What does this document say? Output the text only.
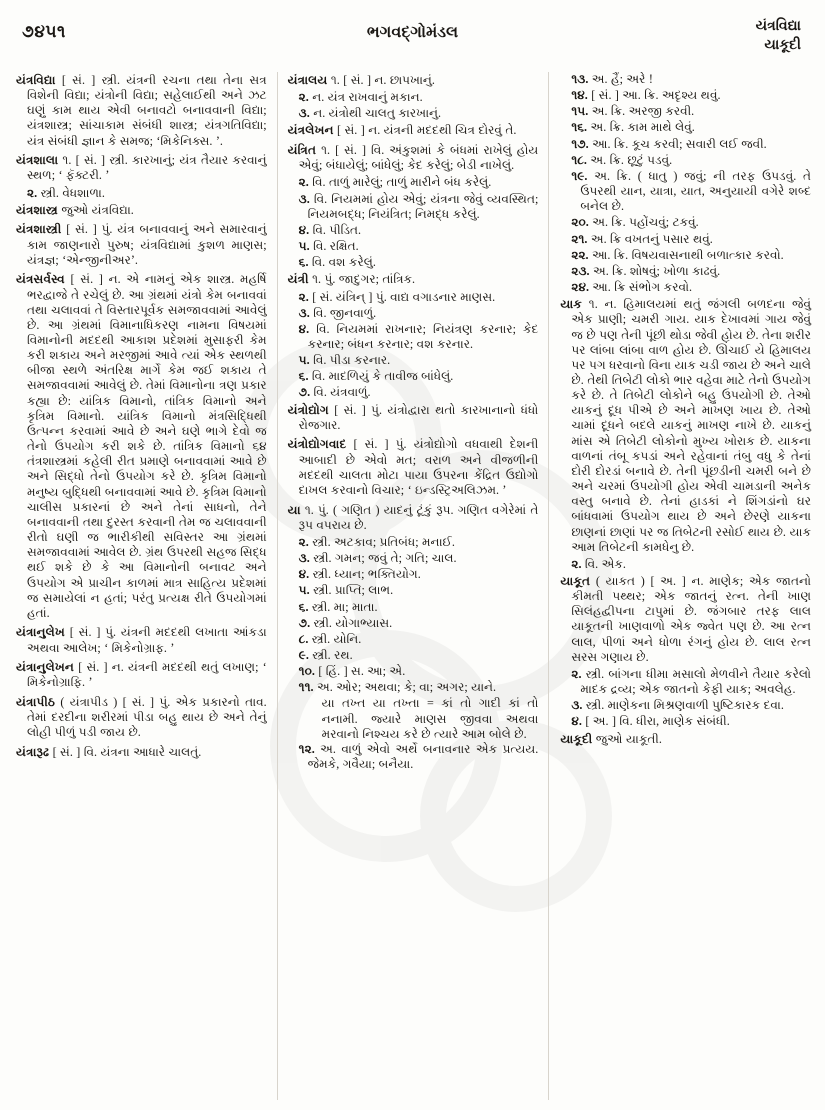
૭૪૫૧	ભગવદ્ગોમંડલ	યંત્રવિદ્યા
યાકૂદી

યંત્રવિદ્યા [ સં. ] સ્ત્રી. યંત્રની રચના તથા તેના સત્ર વિશેની વિદ્યા; યંત્રોની વિદ્યા; સહેલાઈથી અને ઝટ ઘણું કામ થાય એવી બનાવટો બનાવવાની વિદ્યા; યંત્રશાસ્ત્ર; સાંચાકામ સંબંધી શાસ્ત્ર; યંત્રગતિવિદ્યા; યંત્ર સંબંધી જ્ઞાન કે સમજ; ‘મિકેનિક્સ. ’.

યંત્રશાલા ૧. [ સં. ] સ્ત્રી. કારખાનું; યંત્ર તૈયાર કરવાનું સ્થળ; ‘ ફૅક્ટરી. ’

૨. સ્ત્રી. વેધશાળા.

યંત્રશાસ્ત્ર જુઓ યંત્રવિદ્યા.

યંત્રશાસ્ત્રી [ સં. ] પું. યંત્ર બનાવવાનું અને સમારવાનું કામ જાણનારો પુરુષ; યંત્રવિદ્યામાં કુશળ માણસ; યંત્રજ્ઞ; ‘એન્જીનીઅર’.

યંત્રસર્વસ્વ [ સં. ] ન. એ નામનું એક શાસ્ત્ર. મહર્ષિ ભરદ્વાજે તે રચેલું છે. આ ગ્રંથમાં યંત્રો કેમ બનાવવાં તથા ચલાવવાં તે વિસ્તારપૂર્વક સમજાવવામાં આવેલું છે. આ ગ્રંથમાં વિમાનાધિકરણ નામના વિષયમાં વિમાનોની મદદથી આકાશ પ્રદેશમાં મુસાફરી કેમ કરી શકાય અને મરજીમાં આવે ત્યાં એક સ્થળથી બીજા સ્થળે અંતરિક્ષ માર્ગે કેમ જઈ શકાય તે સમજાવવામાં આવેલું છે. તેમાં વિમાનોના ત્રણ પ્રકાર કહ્યા છે: યાંત્રિક વિમાનો, તાંત્રિક વિમાનો અને કૃત્રિમ વિમાનો. યાંત્રિક વિમાનો મંત્રસિદ્ધિથી ઉત્પન્ન કરવામાં આવે છે અને ઘણે ભાગે દેવો જ તેનો ઉપયોગ કરી શકે છે. તાંત્રિક વિમાનો ૬૪ તંત્રશાસ્ત્રમાં કહેલી રીત પ્રમાણે બનાવવામાં આવે છે અને સિદ્ધો તેનો ઉપયોગ કરે છે. કૃત્રિમ વિમાનો મનુષ્ય બુદ્ધિથી બનાવવામાં આવે છે. કૃત્રિમ વિમાનો ચાલીસ પ્રકારનાં છે અને તેનાં સાધનો, તેને બનાવવાની તથા દુરસ્ત કરવાની તેમ જ ચલાવવાની રીતો ઘણી જ ભારીકીથી સવિસ્તર આ ગ્રંથમાં સમજાવવામાં આવેલ છે. ગ્રંથ ઉપરથી સહજ સિદ્ધ થઈ શકે છે કે આ વિમાનોની બનાવટ અને ઉપયોગ એ પ્રાચીન કાળમાં માત્ર સાહિત્ય પ્રદેશમાં જ સમાયેલાં ન હતાં; પરંતુ પ્રત્યક્ષ રીતે ઉપયોગમાં હતાં.

યંત્રાનુલેખ [ સં. ] પું. યંત્રની મદદથી લખાતા આંકડા અથવા આલેખ; ‘ મિકેનોગ્રાફ. ’

યંત્રાનુલેખન [ સં. ] ન. યંત્રની મદદથી થતું લખાણ; ‘ મિકેનોગ્રાફિ. ’

યંત્રાપીઠ ( યંત્રાપીડ ) [ સં. ] પું. એક પ્રકારનો તાવ. તેમાં દરદીના શરીરમાં પીડા બહુ થાય છે અને તેનું લોહી પીળું પડી જાય છે.

યંત્રારૂઢ [ સં. ] વિ. યંત્રના આધારે ચાલતું.

યંત્રાલય ૧. [ સં. ] ન. છાપખાનું.

૨. ન. યંત્ર રાખવાનું મકાન.

૩. ન. યંત્રોથી ચાલતુ કારખાનું.

યંત્રલેખન [ સં. ] ન. યંત્રની મદદથી ચિત્ર દોરવું તે.

યંત્રિત ૧. [ સં. ] વિ. અંકુશમાં કે બંધમાં રાખેલું હોય એવું; બંધાયેલું; બાંધેલું; કેદ કરેલું; બેડી નાખેલું.

૨. વિ. તાળું મારેલું; તાળું મારીને બંધ કરેલું.

૩. વિ. નિયમમાં હોય એવું; યંત્રના જેવું વ્યવસ્થિત; નિયમબદ્ધ; નિયંત્રિત; નિમદ્ધ કરેલું.

૪. વિ. પીડિત.

૫. વિ. રક્ષિત.

૬. વિ. વશ કરેલું.

યંત્રી ૧. પું. જાદુગર; તાંત્રિક.

૨. [ સં. યંત્રિન્ ] પું. વાદ્ય વગાડનાર માણસ.

૩. વિ. જીનવાળું.

૪. વિ. નિયમમાં રાખનાર; નિયંત્રણ કરનાર; કેદ કરનાર; બંધન કરનાર; વશ કરનાર.

૫. વિ. પીડા કરનાર.

૬. વિ. માદળિયું કે તાવીજ બાંધેલું.

૭. વિ. યંત્રવાળું.

યંત્રોદ્યોગ [ સં. ] પું. યંત્રોદ્વારા થતો કારખાનાનો ધંધો રોજગાર.

યંત્રોદ્યોગવાદ [ સં. ] પું. યંત્રોદ્યોગો વધવાથી દેશની આબાદી છે એવો મત; વરાળ અને વીજળીની મદદથી ચાલતા મોટા પાયા ઉપરના કેંદ્રિત ઉદ્યોગો દાખલ કરવાનો વિચાર; ‘ ઇન્ડસ્ટ્રિઅલિઝમ. ’

યા ૧. પું. ( ગણિત ) યાદનું ટૂંકું રૂપ. ગણિત વગેરેમાં તે રૂપ વપરાય છે.

૨. સ્ત્રી. અટકાવ; પ્રતિબંધ; મનાઈ.

૩. સ્ત્રી. ગમન; જવું તે; ગતિ; ચાલ.

૪. સ્ત્રી. ધ્યાન; ભક્તિયોગ.

૫. સ્ત્રી. પ્રાપ્તિ; લાભ.

૬. સ્ત્રી. મા; માતા.

૭. સ્ત્રી. યોગાભ્યાસ.

૮. સ્ત્રી. યોનિ.

૯. સ્ત્રી. રથ.

૧૦. [ હિં. ] સ. આ; એ.

૧૧. અ. ઓર; અથવા; કે; વા; અગર; યાને.

યા તખ્ત યા તખ્તા = કાં તો ગાદી કાં તો નનામી. જ્યારે માણસ જીવવા અથવા મરવાનો નિશ્ચય કરે છે ત્યારે આમ બોલે છે.

૧૨. અ. વાળું એવો અર્થે બનાવનાર એક પ્રત્યય. જેમકે, ગવૈયા; બનૈયા.

૧૩. અ. હૈં; અરે !

૧૪. [ સં. ] આ. ક્રિ. અદૃશ્ય થવું.

૧૫. અ. ક્રિ. અરજી કરવી.

૧૬. અ. ક્રિ. કામ માથે લેવું.

૧૭. આ. ક્રિ. કૂચ કરવી; સવારી લઈ જવી.

૧૮. અ. ક્રિ. છૂટું પડવું.

૧૯. અ. ક્રિ. ( ધાતુ ) જવું; ની તરફ ઉપડવું. તે ઉપરથી યાન, યાત્રા, યાત, અનુયાયી વગેરે શબ્દ બનેલ છે.

૨૦. અ. ક્રિ. પહોંચવું; ટકવું.

૨૧. અ. ક્રિ વખતનું પસાર થવું.

૨૨. આ. ક્રિ. વિષયવાસનાથી બળાત્કાર કરવો.

૨૩. અ. ક્રિ. શોષવું; ખોળા કાઢવું.

૨૪. આ. ક્રિ સંભોગ કરવો.

યાક ૧. ન. હિમાલયમાં થતું જંગલી બળદના જેવું એક પ્રાણી; ચમરી ગાય. યાક દેખાવમાં ગાય જેવું જ છે પણ તેની પૂંછી થોડા જેવી હોય છે. તેના શરીર પર લાંબા લાંબા વાળ હોય છે. ઊંચાઈ યે હિમાલય પર પગ ધરવાનો વિના યાક ચડી જાય છે અને ચાલે છે. તેથી તિબેટી લોકો ભાર વહેવા માટે તેનો ઉપયોગ કરે છે. તે તિબેટી લોકોને બહુ ઉપયોગી છે. તેઓ યાકનું દૂધ પીએ છે અને માખણ ખાય છે. તેઓ ચામાં દૂધને બદલે યાકનું માખણ નાખે છે. યાકનું માંસ એ તિબેટી લોકોનો મુખ્ય ખોરાક છે. યાકના વાળનાં તંબૂ કપડાં અને રહેવાનાં તંબુ વધુ કે તેનાં દોરી દોરડાં બનાવે છે. તેની પૂંછડીની ચમરી બને છે અને ચરમાં ઉપયોગી હોય એવી ચામડાની અનેક વસ્તુ બનાવે છે. તેનાં હાડકાં ને શિંગડાંનો ઘર બાંધવામાં ઉપયોગ થાય છે અને છેરણે યાકના છાણનાં છાણાં પર જ તિબેટની રસોઈ થાય છે. યાક આમ તિબેટની કામધેનુ છે.

૨. વિ. એક.

યાકૂત ( યાકત ) [ અ. ] ન. માણેક; એક જાતનો કીમતી પથ્થર; એક જાતનું રત્ન. તેની ખાણ સિલંહદ્વીપના ટાપુમાં છે. જંગબાર તરફ લાલ યાકૂતની ખાણવાળો એક જ્વેત પણ છે. આ રત્ન લાલ, પીળાં અને ધોળા રંગનું હોય છે. લાલ રત્ન સરસ ગણાય છે.

૨. સ્ત્રી. બાંગના ધીમા મસાલો મેળવીને તૈયાર કરેલો માદક દ્રવ્ય; એક જાતનો કેફી યાક; અવલેહ.

૩. સ્ત્રી. માણેકના મિશ્રણવાળી પુષ્ટિકારક દવા.

૪. [ અ. ] વિ. ધીરા, માણેક સંબંધી.

યાકૂદી જુઓ યાકૂતી.
